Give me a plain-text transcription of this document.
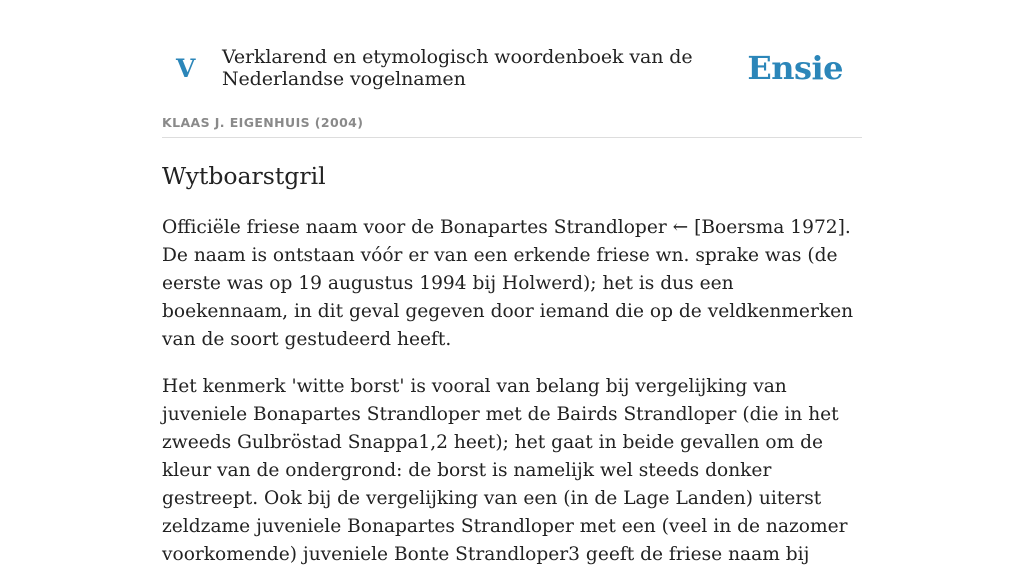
V Verklarend en etymologisch woordenboek van de Nederlandse vogelnamen	Ensie
KLAAS J. EIGENHUIS (2004)
Wytboarstgril

Officiële friese naam voor de Bonapartes Strandloper ← [Boersma 1972]. De naam is ontstaan vóór er van een erkende friese wn. sprake was (de eerste was op 19 augustus 1994 bij Holwerd); het is dus een boekennaam, in dit geval gegeven door iemand die op de veldkenmerken van de soort gestudeerd heeft.

Het kenmerk 'witte borst' is vooral van belang bij vergelijking van juveniele Bonapartes Strandloper met de Bairds Strandloper (die in het zweeds Gulbröstad Snappa1,2 heet); het gaat in beide gevallen om de kleur van de ondergrond: de borst is namelijk wel steeds donker gestreept. Ook bij de vergelijking van een (in de Lage Landen) uiterst zeldzame juveniele Bonapartes Strandloper met een (veel in de nazomer voorkomende) juveniele Bonte Strandloper3 geeft de friese naam bij
